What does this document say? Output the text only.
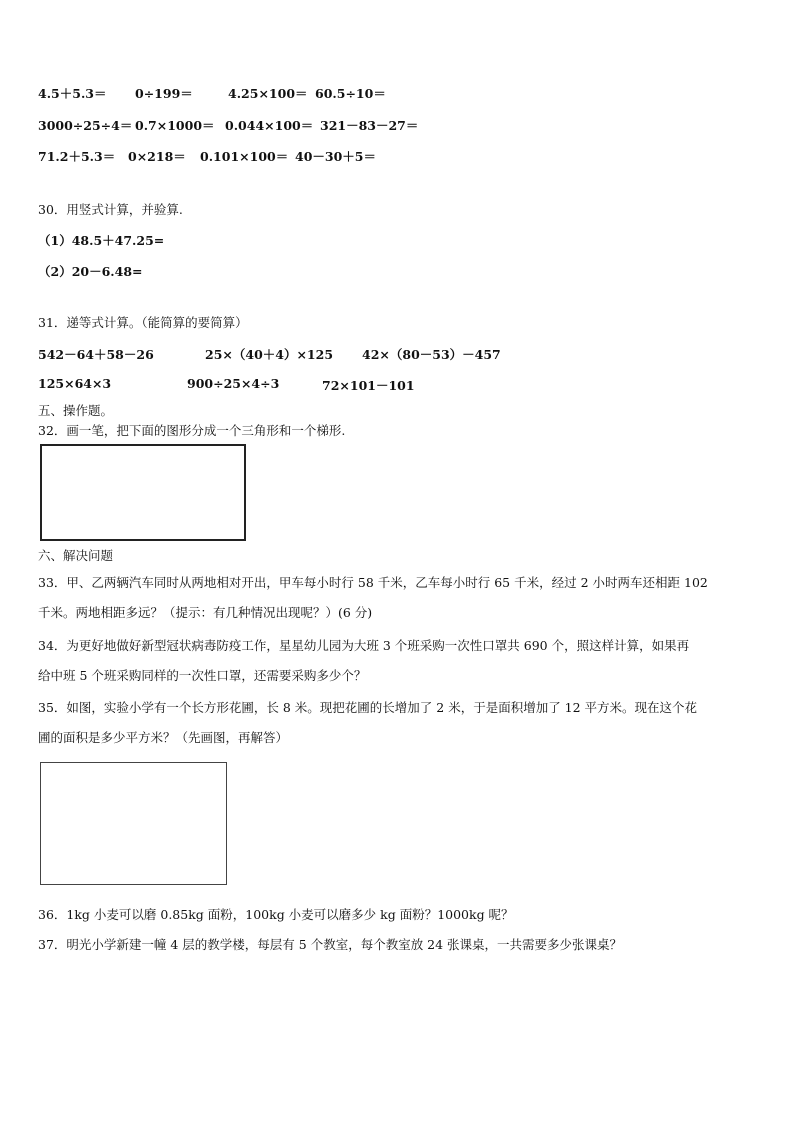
4.5＋5.3＝ 0÷199＝	4.25×100＝ 60.5÷10＝
3000÷25÷4＝ 0.7×1000＝ 0.044×100＝ 321－83－27＝
71.2＋5.3＝ 0×218＝ 0.101×100＝ 40－30＋5＝
30．用竖式计算，并验算.
（1）48.5＋47.25=
（2）20－6.48=
31．递等式计算。（能简算的要简算）
542－64＋58－26	25×（40＋4）×125 42×（80－53）－457
125×64×3	900÷25×4÷3	72×101－101
五、操作题。
32．画一笔，把下面的图形分成一个三角形和一个梯形.
六、解决问题
33．甲、乙两辆汽车同时从两地相对开出，甲车每小时行 58 千米，乙车每小时行 65 千米，经过 2 小时两车还相距 102
千米。两地相距多远？（提示：有几种情况出现呢？）(6 分)
34．为更好地做好新型冠状病毒防疫工作，星星幼儿园为大班 3 个班采购一次性口罩共 690 个，照这样计算，如果再
给中班 5 个班采购同样的一次性口罩，还需要采购多少个？
35．如图，实验小学有一个长方形花圃，长 8 米。现把花圃的长增加了 2 米，于是面积增加了 12 平方米。现在这个花
圃的面积是多少平方米？（先画图，再解答）
36．1kg 小麦可以磨 0.85kg 面粉，100kg 小麦可以磨多少 kg 面粉？1000kg 呢？
37．明光小学新建一幢 4 层的教学楼，每层有 5 个教室，每个教室放 24 张课桌，一共需要多少张课桌？
